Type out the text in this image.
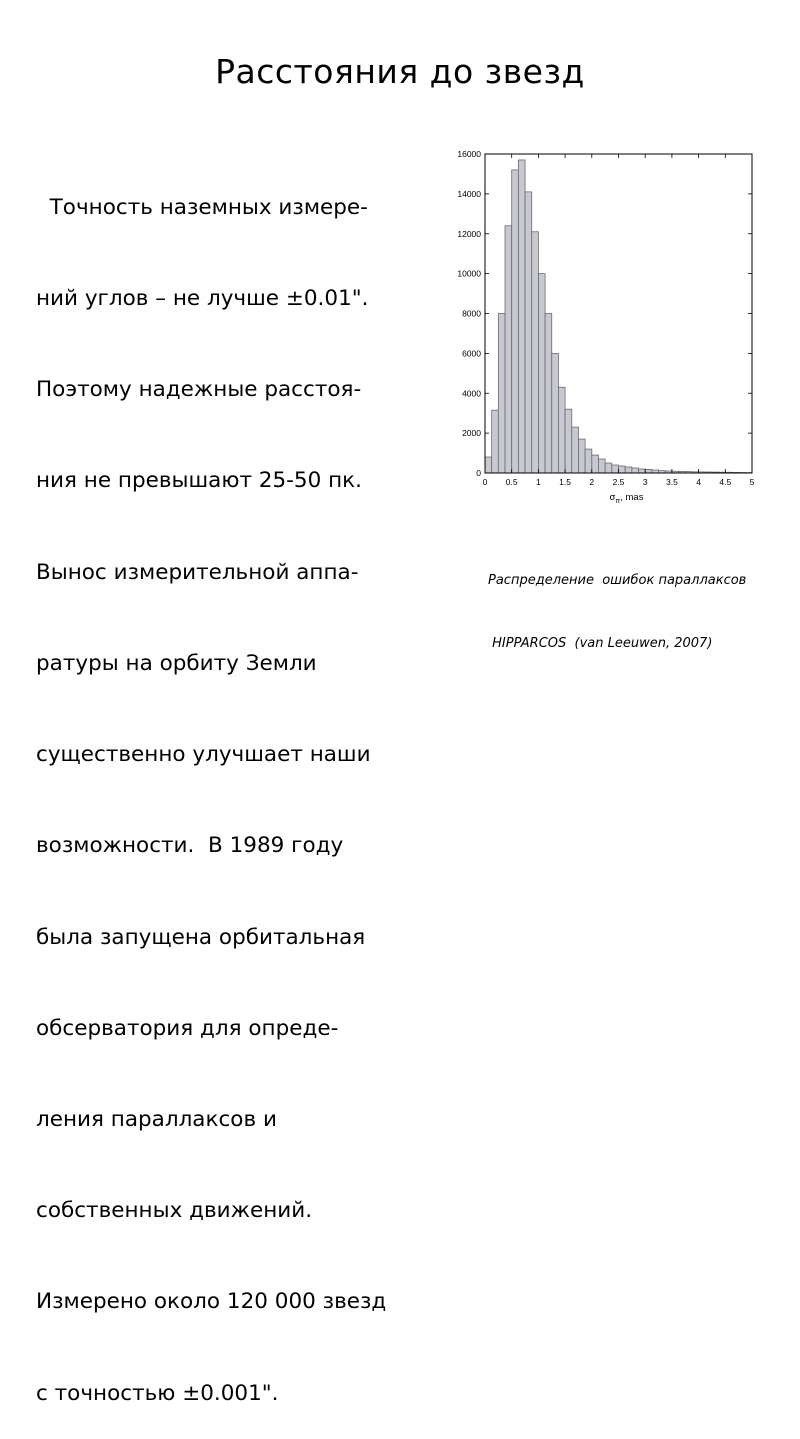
Расстояния до звезд

Точность наземных измере-

ний углов – не лучше ±0.01".

Поэтому надежные расстоя-

ния не превышают 25-50 пк.

Вынос измерительной аппа-

ратуры на орбиту Земли

существенно улучшает наши

возможности.  В 1989 году

была запущена орбитальная

обсерватория для опреде-

ления параллаксов и

собственных движений.

Измерено около 120 000 звезд

с точностью ±0.001".

0 0.5 1 1.5 2 2.5 3 3.5 4 4.5 5
0
2000
4000
6000
8000
10000
12000
14000
16000
$\sigma_\pi$, mas

Распределение  ошибок параллаксов

HIPPARCOS  (van Leeuwen, 2007)
